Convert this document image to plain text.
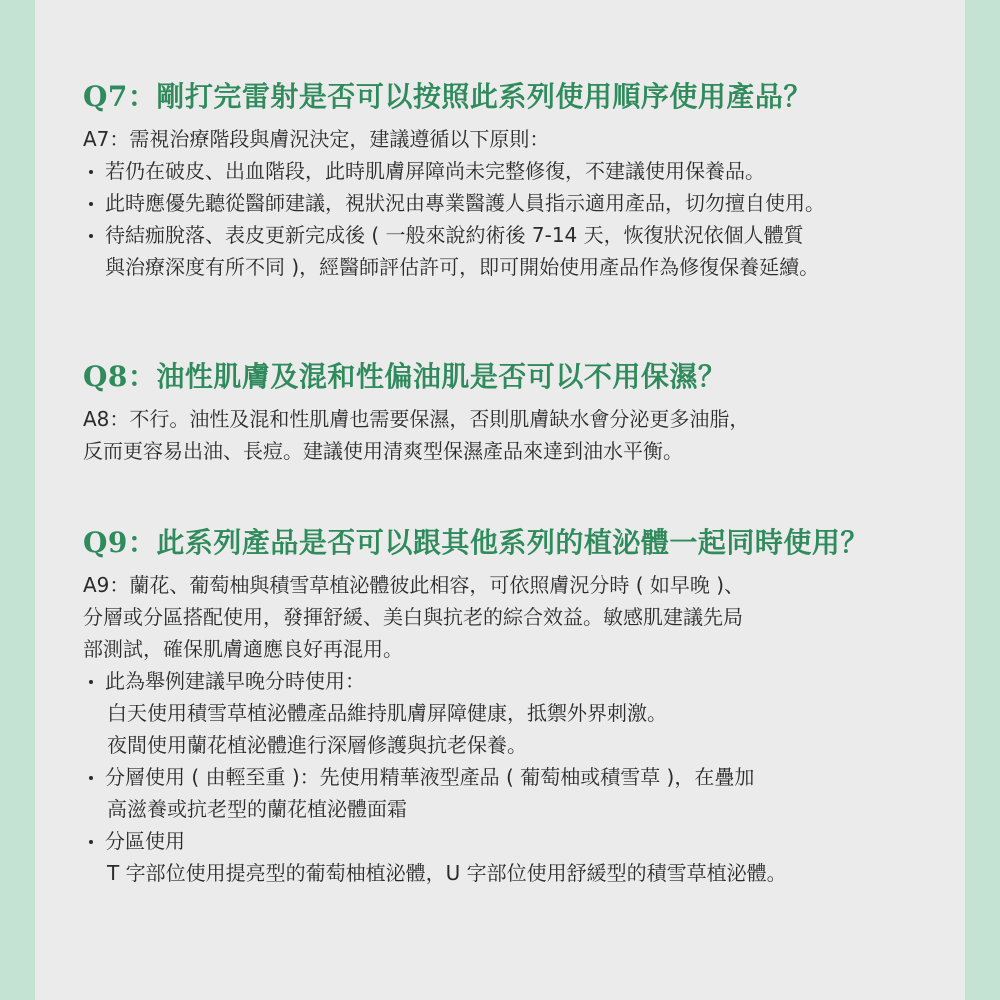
Q7：剛打完雷射是否可以按照此系列使用順序使用產品？
A7：需視治療階段與膚況決定，建議遵循以下原則：
若仍在破皮、出血階段，此時肌膚屏障尚未完整修復，不建議使用保養品。
此時應優先聽從醫師建議，視狀況由專業醫護人員指示適用產品，切勿擅自使用。
待結痂脫落、表皮更新完成後 ( 一般來說約術後 7-14 天，恢復狀況依個人體質
與治療深度有所不同 )，經醫師評估許可，即可開始使用產品作為修復保養延續。
Q8：油性肌膚及混和性偏油肌是否可以不用保濕？
A8：不行。油性及混和性肌膚也需要保濕，否則肌膚缺水會分泌更多油脂，
反而更容易出油、長痘。建議使用清爽型保濕產品來達到油水平衡。
Q9：此系列產品是否可以跟其他系列的植泌體一起同時使用？
A9：蘭花、葡萄柚與積雪草植泌體彼此相容，可依照膚況分時 ( 如早晚 )、
分層或分區搭配使用，發揮舒緩、美白與抗老的綜合效益。敏感肌建議先局
部測試，確保肌膚適應良好再混用。
此為舉例建議早晚分時使用：
白天使用積雪草植泌體產品維持肌膚屏障健康，抵禦外界刺激。
夜間使用蘭花植泌體進行深層修護與抗老保養。
分層使用 ( 由輕至重 )：先使用精華液型產品 ( 葡萄柚或積雪草 )，在疊加
高滋養或抗老型的蘭花植泌體面霜
分區使用
T 字部位使用提亮型的葡萄柚植泌體，U 字部位使用舒緩型的積雪草植泌體。
